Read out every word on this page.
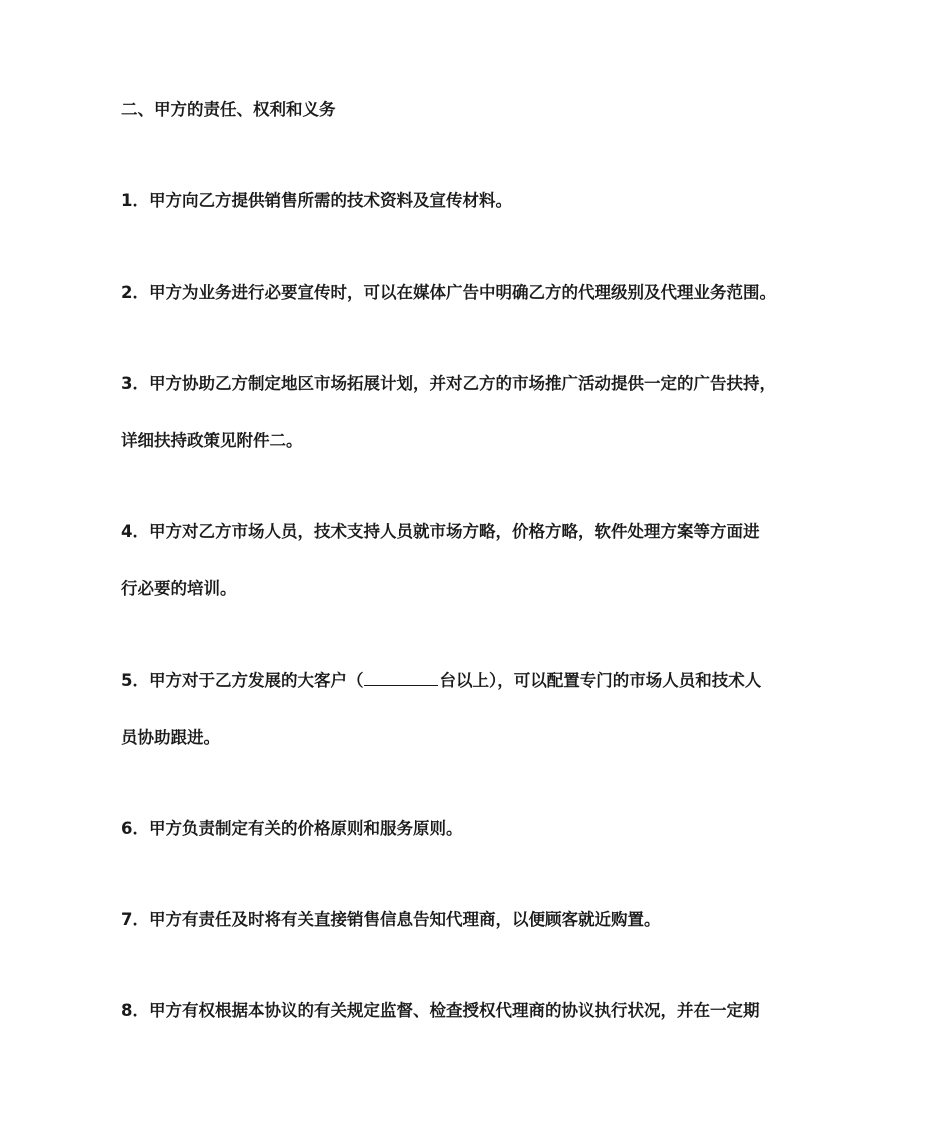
二、甲方的责任、权利和义务
1．甲方向乙方提供销售所需的技术资料及宣传材料。
2．甲方为业务进行必要宣传时，可以在媒体广告中明确乙方的代理级别及代理业务范围。
3．甲方协助乙方制定地区市场拓展计划，并对乙方的市场推广活动提供一定的广告扶持，
详细扶持政策见附件二。
4．甲方对乙方市场人员，技术支持人员就市场方略，价格方略，软件处理方案等方面进
行必要的培训。
5．甲方对于乙方发展的大客户（	台以上），可以配置专门的市场人员和技术人
员协助跟进。
6．甲方负责制定有关的价格原则和服务原则。
7．甲方有责任及时将有关直接销售信息告知代理商，以便顾客就近购置。
8．甲方有权根据本协议的有关规定监督、检查授权代理商的协议执行状况，并在一定期
